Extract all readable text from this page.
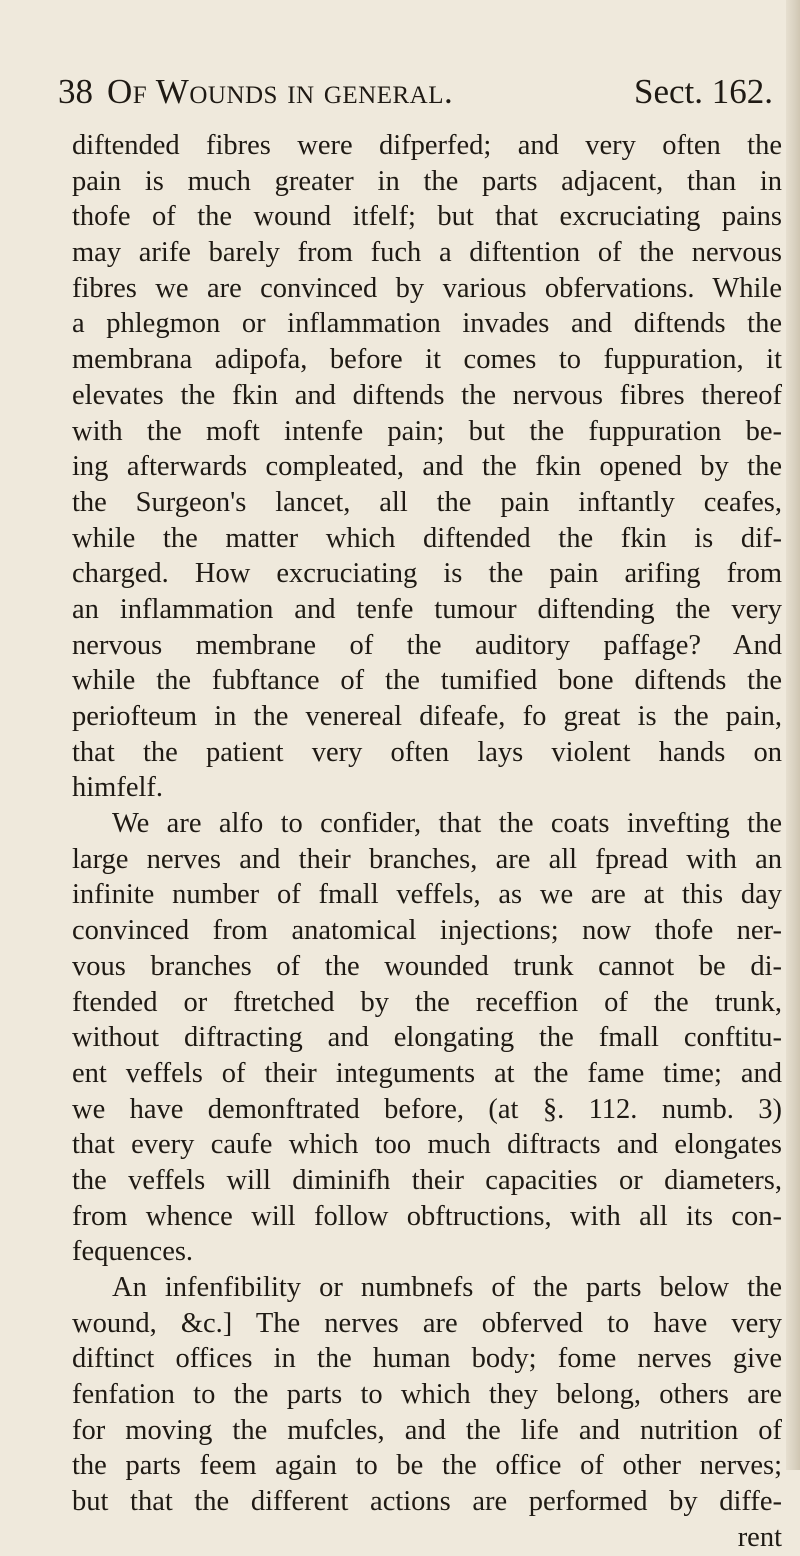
38 Of Wounds in general.	Sect. 162.
diftended fibres were difperfed; and very often the
pain is much greater in the parts adjacent, than in
thofe of the wound itfelf; but that excruciating pains
may arife barely from fuch a diftention of the nervous
fibres we are convinced by various obfervations. While
a phlegmon or inflammation invades and diftends the
membrana adipofa, before it comes to fuppuration, it
elevates the fkin and diftends the nervous fibres thereof
with the moft intenfe pain; but the fuppuration be-
ing afterwards compleated, and the fkin opened by the
the Surgeon's lancet, all the pain inftantly ceafes,
while the matter which diftended the fkin is dif-
charged. How excruciating is the pain arifing from
an inflammation and tenfe tumour diftending the very
nervous membrane of the auditory paffage? And
while the fubftance of the tumified bone diftends the
periofteum in the venereal difeafe, fo great is the pain,
that the patient very often lays violent hands on
himfelf.
We are alfo to confider, that the coats invefting the
large nerves and their branches, are all fpread with an
infinite number of fmall veffels, as we are at this day
convinced from anatomical injections; now thofe ner-
vous branches of the wounded trunk cannot be di-
ftended or ftretched by the receffion of the trunk,
without diftracting and elongating the fmall conftitu-
ent veffels of their integuments at the fame time; and
we have demonftrated before, (at §. 112. numb. 3)
that every caufe which too much diftracts and elongates
the veffels will diminifh their capacities or diameters,
from whence will follow obftructions, with all its con-
fequences.
An infenfibility or numbnefs of the parts below the
wound, &c.] The nerves are obferved to have very
diftinct offices in the human body; fome nerves give
fenfation to the parts to which they belong, others are
for moving the mufcles, and the life and nutrition of
the parts feem again to be the office of other nerves;
but that the different actions are performed by diffe-
rent
